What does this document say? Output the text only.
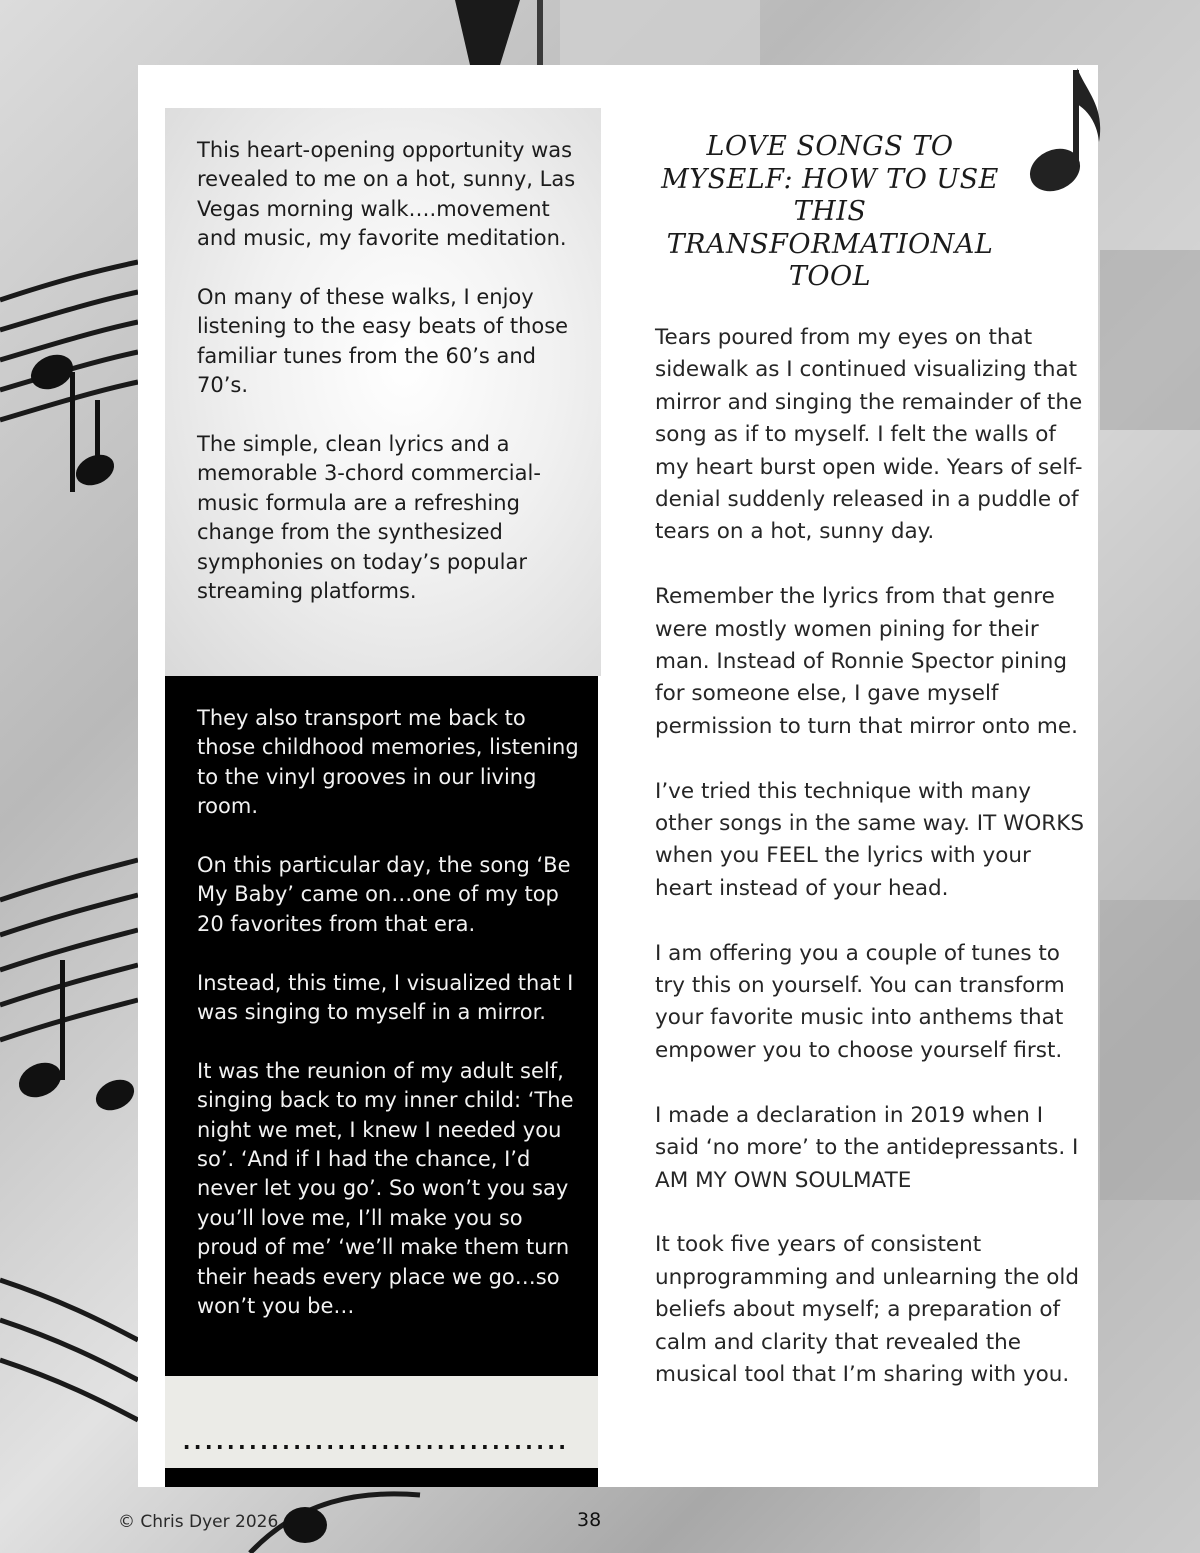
This heart-opening opportunity was revealed to me on a hot, sunny, Las Vegas morning walk….movement and music, my favorite meditation.

On many of these walks, I enjoy listening to the easy beats of those familiar tunes from the 60’s and 70’s.

The simple, clean lyrics and a memorable 3-chord commercial-music formula are a refreshing change from the synthesized symphonies on today’s popular streaming platforms.

They also transport me back to those childhood memories, listening to the vinyl grooves in our living room.

On this particular day, the song ‘Be My Baby’ came on…one of my top 20 favorites from that era.

Instead, this time, I visualized that I was singing to myself in a mirror.

It was the reunion of my adult self, singing back to my inner child: ‘The night we met, I knew I needed you so’. ‘And if I had the chance, I’d never let you go’. So won’t you say you’ll love me, I’ll make you so proud of me’ ‘we’ll make them turn their heads every place we go…so won’t you be…

...................................
LOVE SONGS TO MYSELF: HOW TO USE THIS TRANSFORMATIONAL TOOL

Tears poured from my eyes on that sidewalk as I continued visualizing that mirror and singing the remainder of the song as if to myself. I felt the walls of my heart burst open wide. Years of self-denial suddenly released in a puddle of tears on a hot, sunny day.

Remember the lyrics from that genre were mostly women pining for their man. Instead of Ronnie Spector pining for someone else, I gave myself permission to turn that mirror onto me.

I’ve tried this technique with many other songs in the same way. IT WORKS when you FEEL the lyrics with your heart instead of your head.

I am offering you a couple of tunes to try this on yourself. You can transform your favorite music into anthems that empower you to choose yourself first.

I made a declaration in 2019 when I said ‘no more’ to the antidepressants. I AM MY OWN SOULMATE

It took five years of consistent unprogramming and unlearning the old beliefs about myself; a preparation of calm and clarity that revealed the musical tool that I’m sharing with you.

© Chris Dyer 2026	38
